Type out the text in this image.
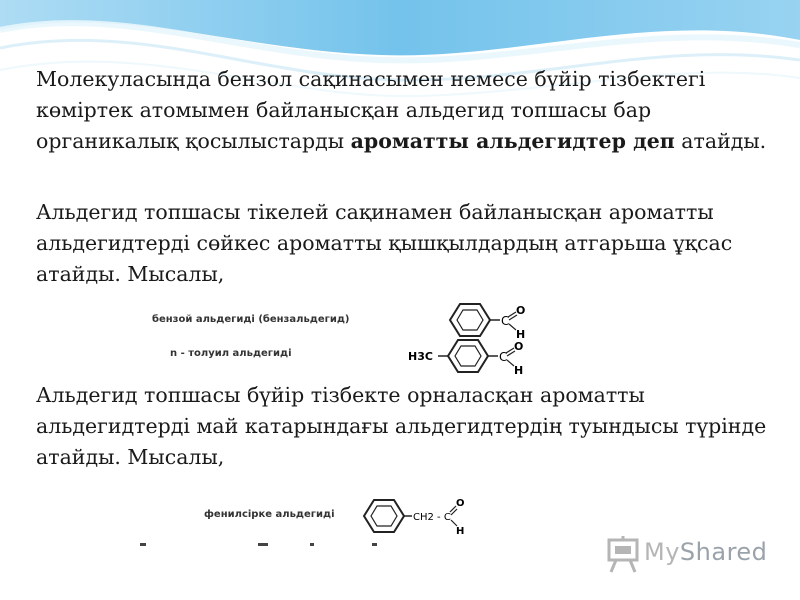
Молекуласында бензол сақинасымен немесе бүйір тізбектегі көміртек атомымен байланысқан альдегид топшасы бар органикалық қосылыстарды ароматты альдегидтер деп атайды.

Альдегид топшасы тікелей сақинамен байланысқан ароматты альдегидтерді сөйкес ароматты қышқылдардың атгарьша ұқсас атайды. Мысалы,

бензой альдегиді (бензальдегид)
n - толуил альдегиді
C
O
H
H3C	C
O
H

Альдегид топшасы бүйір тізбекте орналасқан ароматты альдегидтерді май катарындағы альдегидтердің туындысы түрінде атайды. Мысалы,

фенилсірке альдегиді	CH2 - C
O
H
MyShared
